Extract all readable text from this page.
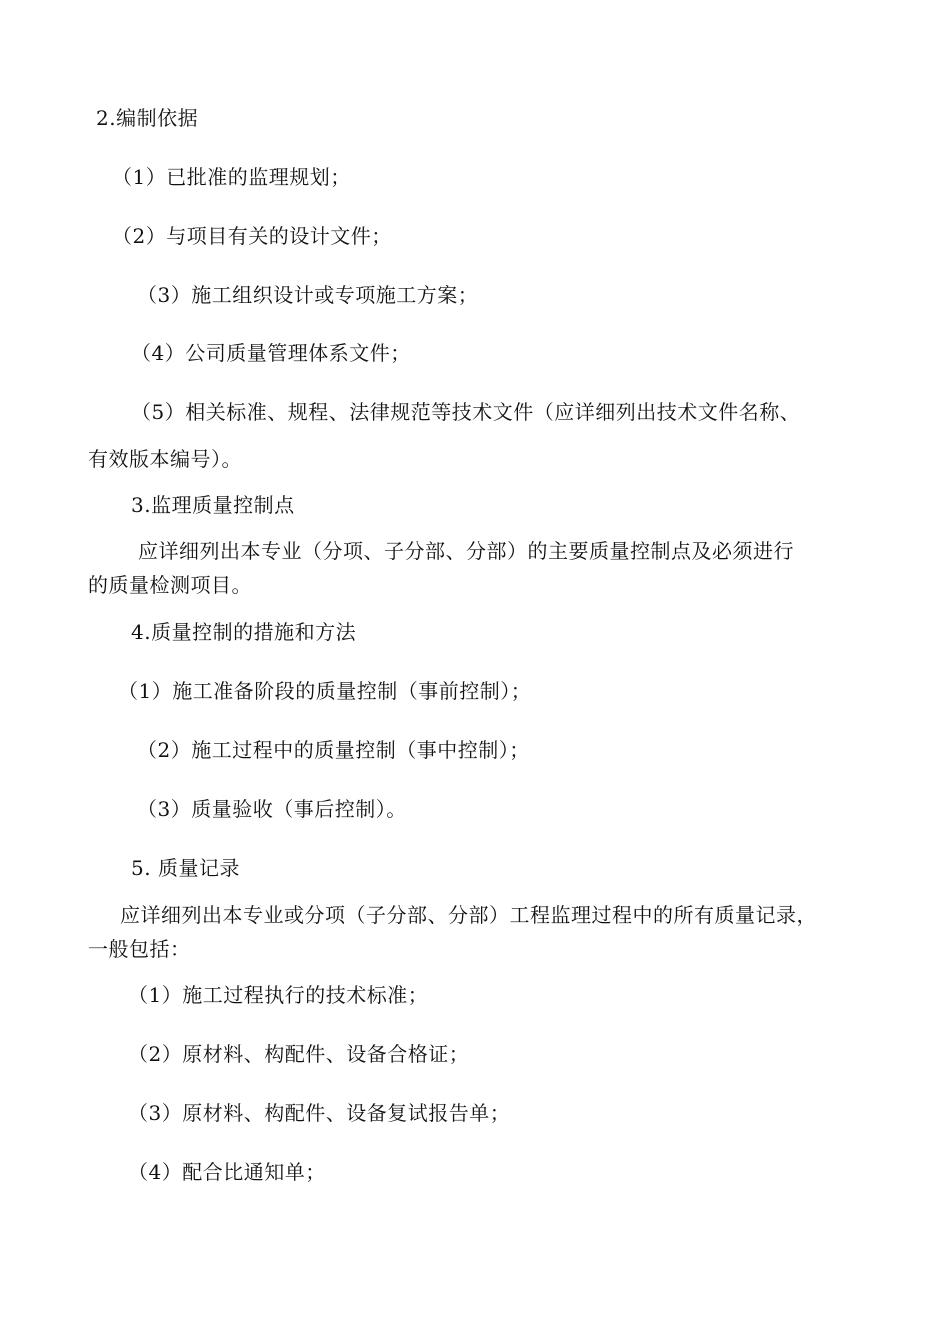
2.编制依据
（1）已批准的监理规划；
（2）与项目有关的设计文件；
（3）施工组织设计或专项施工方案；
（4）公司质量管理体系文件；
（5）相关标准、规程、法律规范等技术文件（应详细列出技术文件名称、
有效版本编号）。
3.监理质量控制点
应详细列出本专业（分项、子分部、分部）的主要质量控制点及必须进行
的质量检测项目。
4.质量控制的措施和方法
（1）施工准备阶段的质量控制（事前控制）；
（2）施工过程中的质量控制（事中控制）；
（3）质量验收（事后控制）。
5. 质量记录
应详细列出本专业或分项（子分部、分部）工程监理过程中的所有质量记录，
一般包括：
（1）施工过程执行的技术标准；
（2）原材料、构配件、设备合格证；
（3）原材料、构配件、设备复试报告单；
（4）配合比通知单；
